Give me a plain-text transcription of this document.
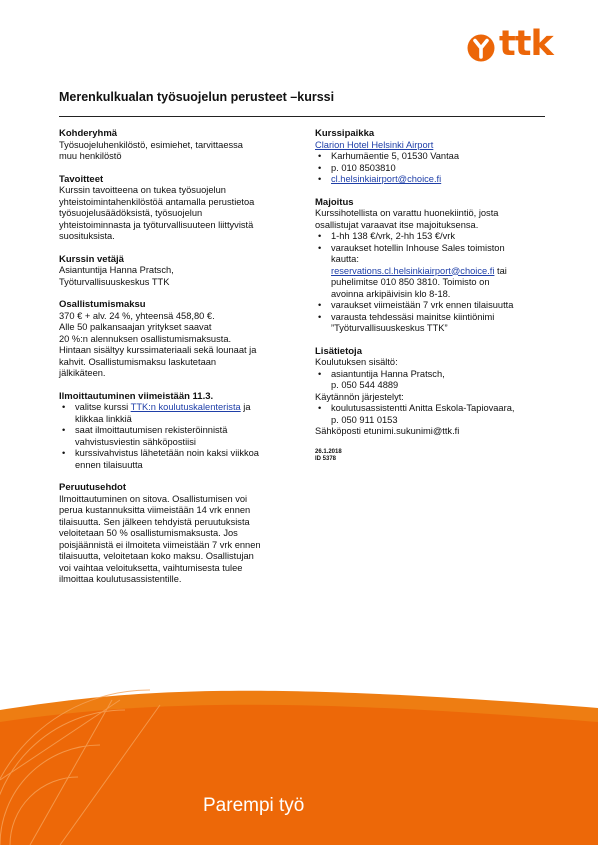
ttk
Merenkulkualan työsuojelun perusteet –kurssi
Kohderyhmä
Työsuojeluhenkilöstö, esimiehet, tarvittaessa
muu henkilöstö
Tavoitteet
Kurssin tavoitteena on tukea työsuojelun
yhteistoimintahenkilöstöä antamalla perustietoa
työsuojelusäädöksistä, työsuojelun
yhteistoiminnasta ja työturvallisuuteen liittyvistä
suosituksista.
Kurssin vetäjä
Asiantuntija Hanna Pratsch,
Työturvallisuuskeskus TTK
Osallistumismaksu
370 € + alv. 24 %, yhteensä 458,80 €.
Alle 50 palkansaajan yritykset saavat
20 %:n alennuksen osallistumismaksusta.
Hintaan sisältyy kurssimateriaali sekä lounaat ja
kahvit. Osallistumismaksu laskutetaan
jälkikäteen.
Ilmoittautuminen viimeistään 11.3.
• valitse kurssi TTK:n koulutuskalenterista ja
klikkaa linkkiä
• saat ilmoittautumisen rekisteröinnistä
vahvistusviestin sähköpostiisi
• kurssivahvistus lähetetään noin kaksi viikkoa
ennen tilaisuutta
Peruutusehdot
Ilmoittautuminen on sitova. Osallistumisen voi
perua kustannuksitta viimeistään 14 vrk ennen
tilaisuutta. Sen jälkeen tehdyistä peruutuksista
veloitetaan 50 % osallistumismaksusta. Jos
poisjäännistä ei ilmoiteta viimeistään 7 vrk ennen
tilaisuutta, veloitetaan koko maksu. Osallistujan
voi vaihtaa veloituksetta, vaihtumisesta tulee
ilmoittaa koulutusassistentille.
Kurssipaikka
Clarion Hotel Helsinki Airport
• Karhumäentie 5, 01530 Vantaa
• p. 010 8503810
• cl.helsinkiairport@choice.fi
Majoitus
Kurssihotellista on varattu huonekiintiö, josta
osallistujat varaavat itse majoituksensa.
• 1-hh 138 €/vrk, 2-hh 153 €/vrk
• varaukset hotellin Inhouse Sales toimiston
kautta:
reservations.cl.helsinkiairport@choice.fi tai
puhelimitse 010 850 3810. Toimisto on
avoinna arkipäivisin klo 8-18.
• varaukset viimeistään 7 vrk ennen tilaisuutta
• varausta tehdessäsi mainitse kiintiönimi
”Työturvallisuuskeskus TTK”
Lisätietoja
Koulutuksen sisältö:
• asiantuntija Hanna Pratsch,
p. 050 544 4889
Käytännön järjestelyt:
• koulutusassistentti Anitta Eskola-Tapiovaara,
p. 050 911 0153
Sähköposti etunimi.sukunimi@ttk.fi
26.1.2018
ID 5378
Parempi työ
